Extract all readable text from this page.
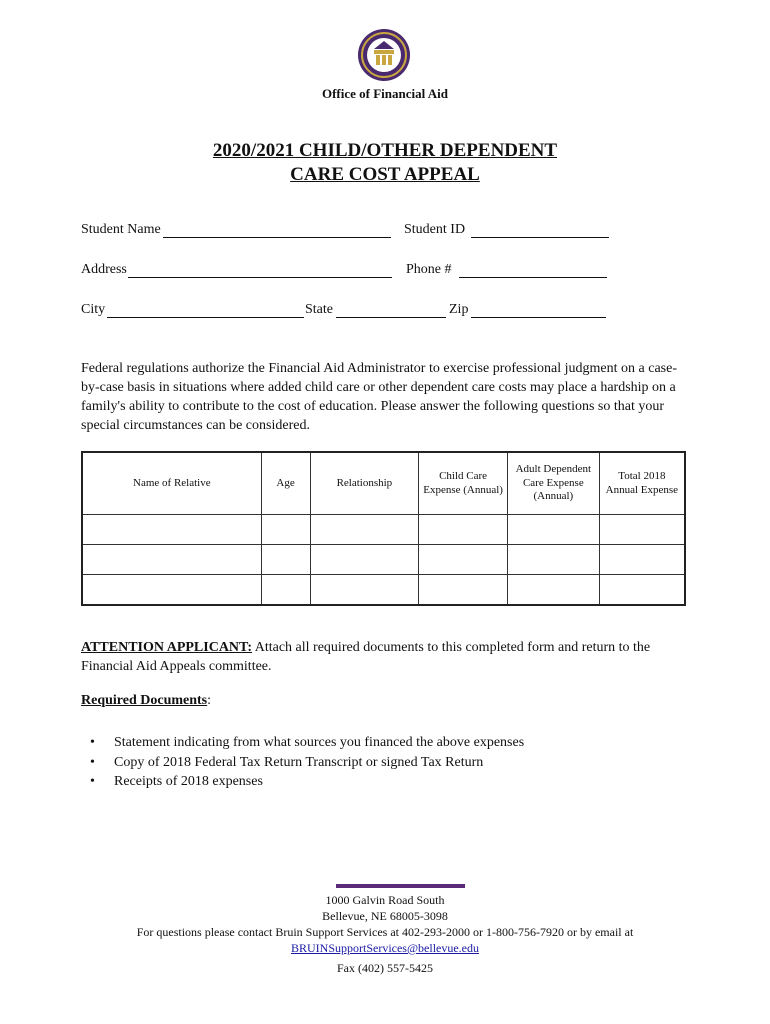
Office of Financial Aid
2020/2021 CHILD/OTHER DEPENDENT
CARE COST APPEAL
Student Name	Student ID
Address	Phone #
City	State	Zip
Federal regulations authorize the Financial Aid Administrator to exercise professional judgment on a case-by-case basis in situations where added child care or other dependent care costs may place a hardship on a family's ability to contribute to the cost of education. Please answer the following questions so that your special circumstances can be considered.
Name of Relative	Age	Relationship	Child Care Expense (Annual)	Adult Dependent Care Expense (Annual)	Total 2018 Annual Expense

ATTENTION APPLICANT: Attach all required documents to this completed form and return to the Financial Aid Appeals committee.
Required Documents:
• Statement indicating from what sources you financed the above expenses
• Copy of 2018 Federal Tax Return Transcript or signed Tax Return
• Receipts of 2018 expenses
1000 Galvin Road South
Bellevue, NE 68005-3098
For questions please contact Bruin Support Services at 402-293-2000 or 1-800-756-7920 or by email at
BRUINSupportServices@bellevue.edu
Fax (402) 557-5425
